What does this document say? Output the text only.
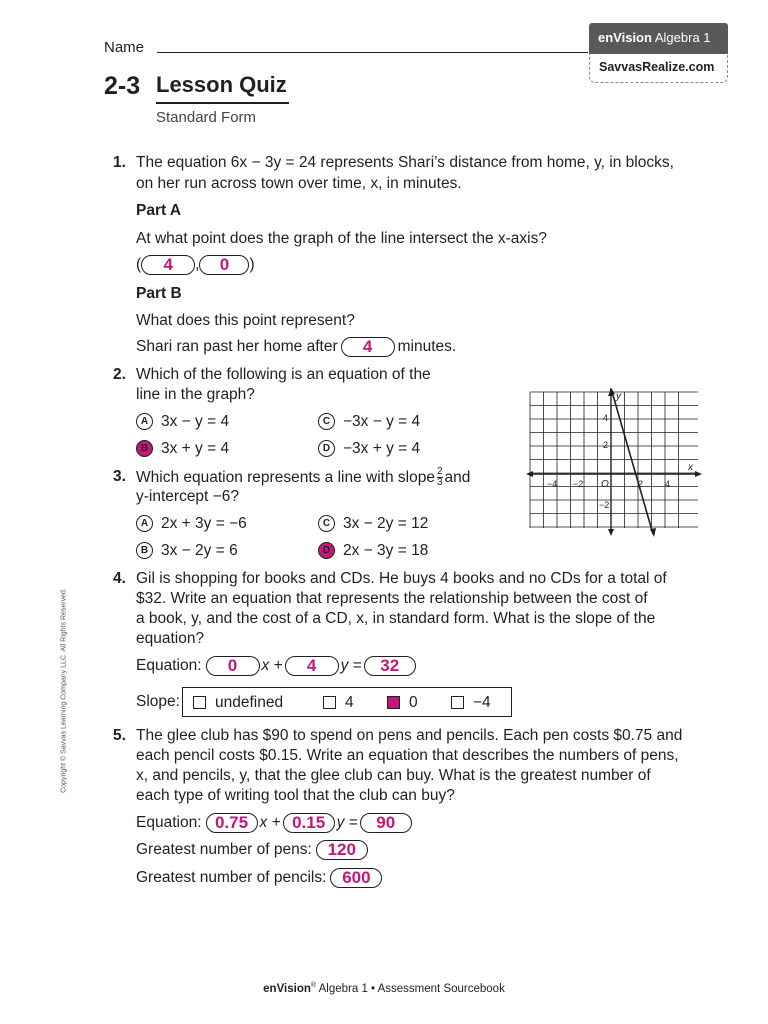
Name
enVision Algebra 1
SavvasRealize.com
2-3 Lesson Quiz
Standard Form
Copyright © Savvas Learning Company LLC. All Rights Reserved.
1. The equation 6x − 3y = 24 represents Shari’s distance from home, y, in blocks,
on her run across town over time, x, in minutes.
Part A
At what point does the graph of the line intersect the x-axis?
(	4	,	0	)
Part B
What does this point represent?
Shari ran past her home after	4	minutes.
2. Which of the following is an equation of the
line in the graph?
A 3x − y = 4	C −3x − y = 4
B 3x + y = 4	D −3x + y = 4
y
x
O
−4 −2	2 4
4
2
−2
3. Which equation represents a line with slope $\frac{2}{3}$ and
y-intercept −6?
A 2x + 3y = −6	C 3x − 2y = 12
B 3x − 2y = 6	D 2x − 3y = 18
4. Gil is shopping for books and CDs. He buys 4 books and no CDs for a total of
$32. Write an equation that represents the relationship between the cost of
a book, y, and the cost of a CD, x, in standard form. What is the slope of the
equation?
Equation:	0	x +	4	y =	32
Slope:	undefined	4	0	−4
5. The glee club has $90 to spend on pens and pencils. Each pen costs $0.75 and
each pencil costs $0.15. Write an equation that describes the numbers of pens,
x, and pencils, y, that the glee club can buy. What is the greatest number of
each type of writing tool that the club can buy?
Equation: 0.75 x + 0.15 y =	90
Greatest number of pens: 120
Greatest number of pencils: 600
enVision® Algebra 1 • Assessment Sourcebook
